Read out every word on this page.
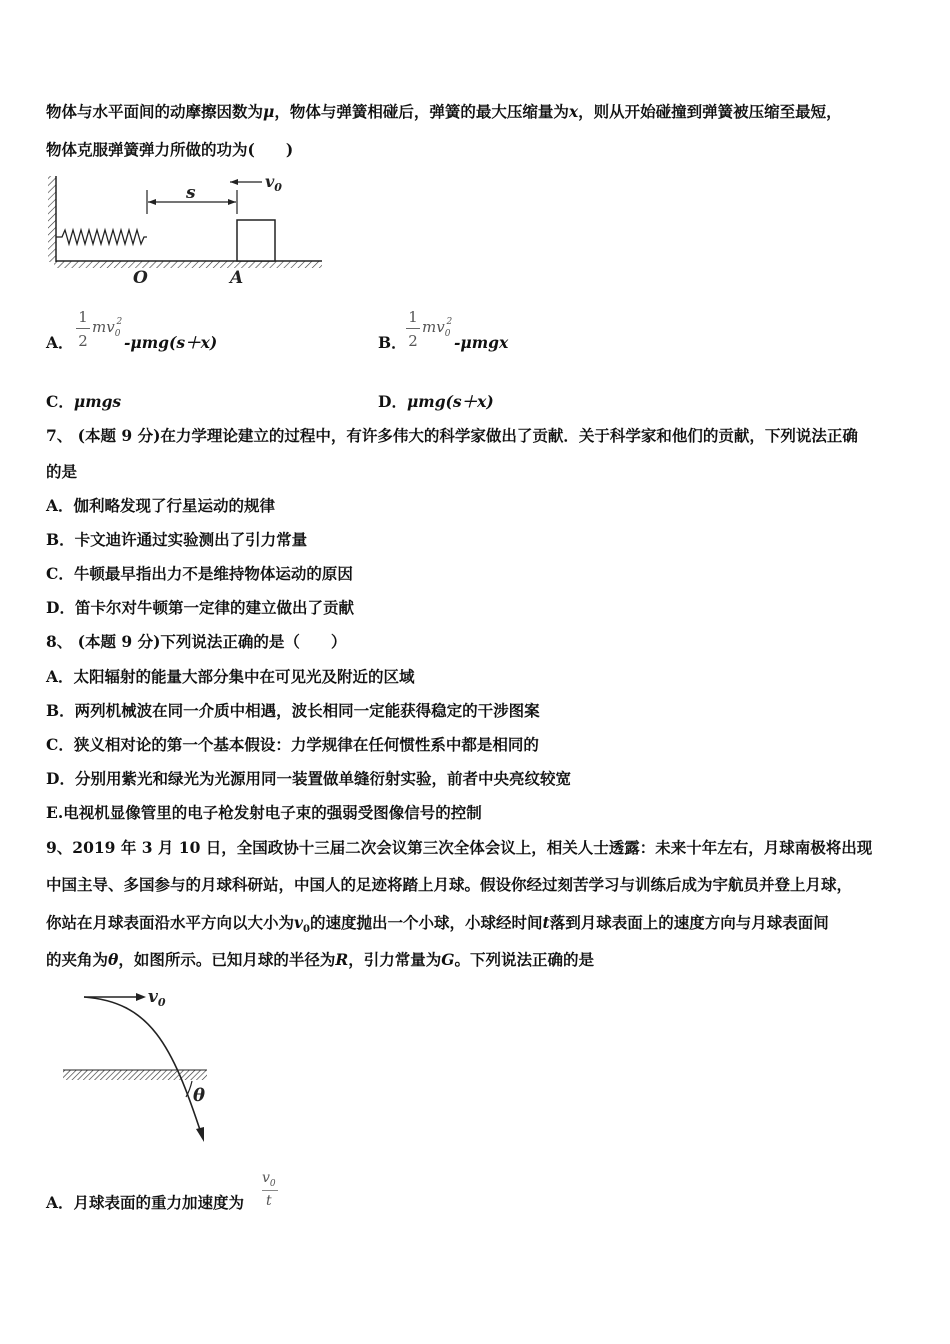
物体与水平面间的动摩擦因数为μ，物体与弹簧相碰后，弹簧的最大压缩量为x，则从开始碰撞到弹簧被压缩至最短，
物体克服弹簧弹力所做的功为(　　)
s
$v_0$
O	A
A．
1
2
$mv_0^2$
-μmg(s＋x)	B．
1
2
$mv_0^2$
-μmgx
C．μmgs	D．μmg(s＋x)
7、 (本题 9 分)在力学理论建立的过程中，有许多伟大的科学家做出了贡献．关于科学家和他们的贡献，下列说法正确
的是
A．伽利略发现了行星运动的规律
B．卡文迪许通过实验测出了引力常量
C．牛顿最早指出力不是维持物体运动的原因
D．笛卡尔对牛顿第一定律的建立做出了贡献
8、 (本题 9 分)下列说法正确的是（　　）
A．太阳辐射的能量大部分集中在可见光及附近的区域
B．两列机械波在同一介质中相遇，波长相同一定能获得稳定的干涉图案
C．狭义相对论的第一个基本假设：力学规律在任何惯性系中都是相同的
D．分别用紫光和绿光为光源用同一装置做单缝衍射实验，前者中央亮纹较宽
E.电视机显像管里的电子枪发射电子束的强弱受图像信号的控制
9、2019 年 3 月 10 日，全国政协十三届二次会议第三次全体会议上，相关人士透露：未来十年左右，月球南极将出现
中国主导、多国参与的月球科研站，中国人的足迹将踏上月球。假设你经过刻苦学习与训练后成为宇航员并登上月球，
你站在月球表面沿水平方向以大小为$v_0$的速度抛出一个小球，小球经时间t落到月球表面上的速度方向与月球表面间
的夹角为θ，如图所示。已知月球的半径为R，引力常量为G。下列说法正确的是
$v_0$
θ
A．月球表面的重力加速度为
$v_0$
t
